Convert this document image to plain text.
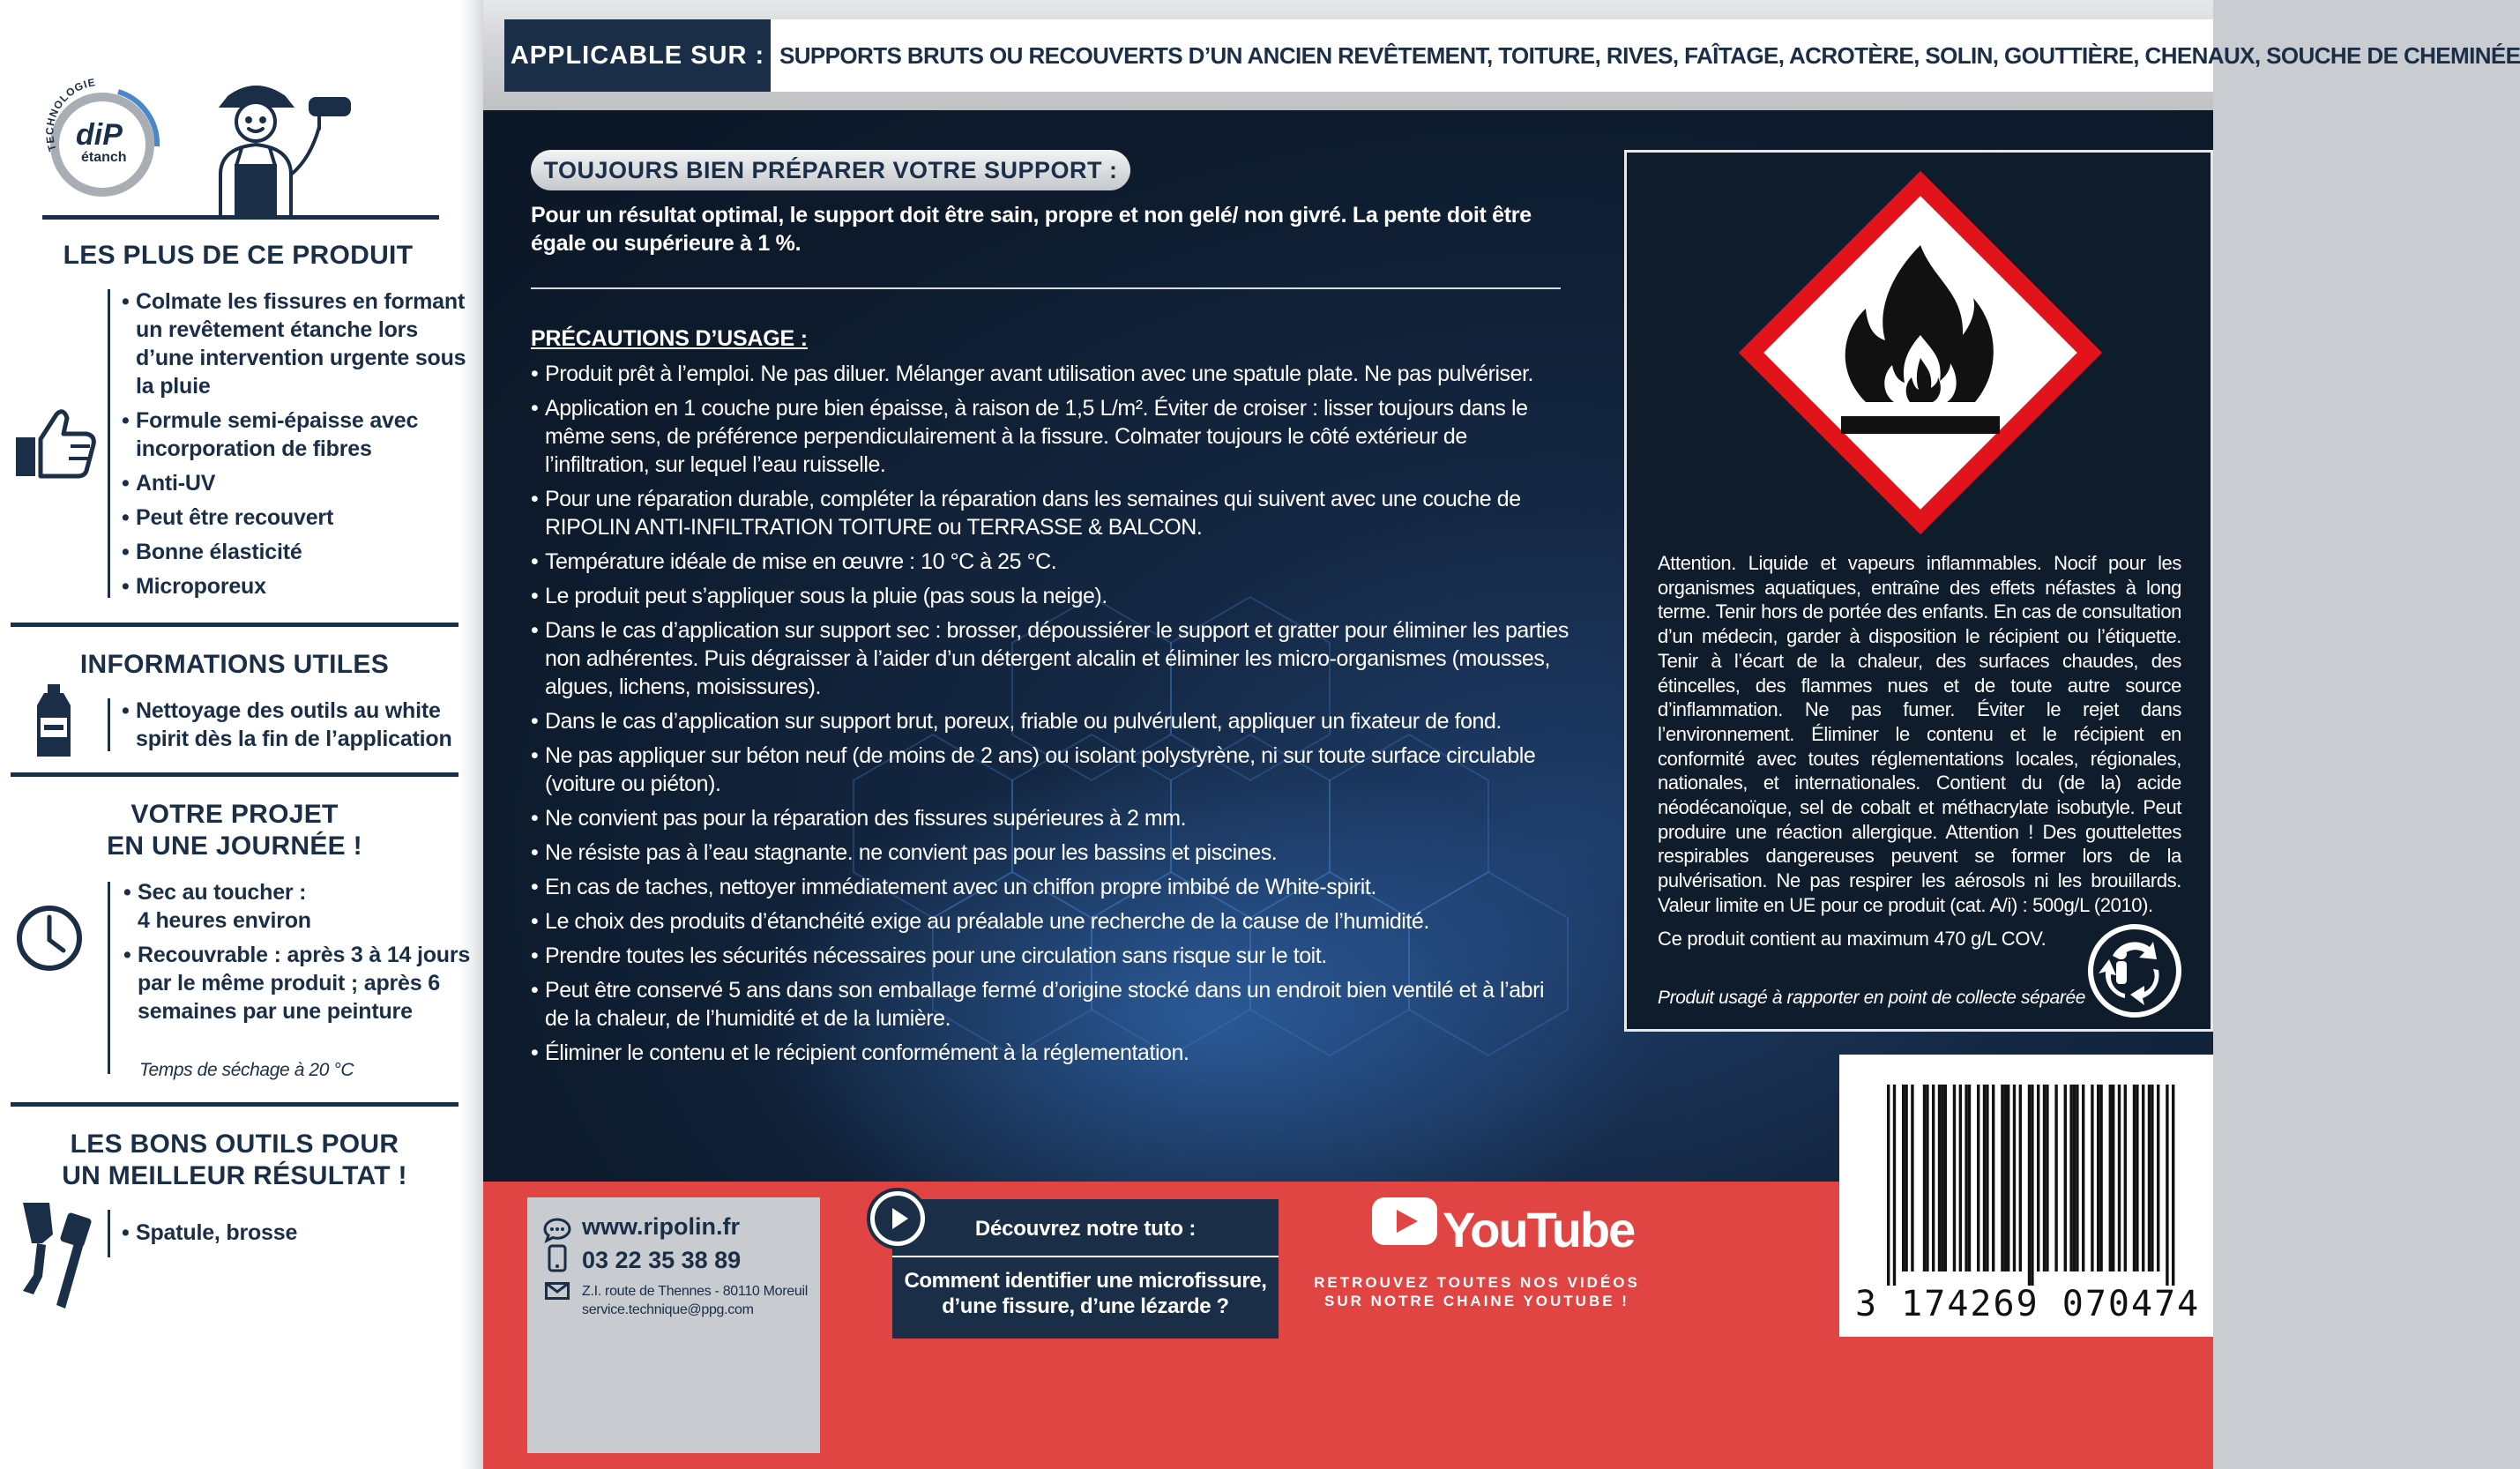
APPLICABLE SUR : SUPPORTS BRUTS OU RECOUVERTS D’UN ANCIEN REVÊTEMENT, TOITURE, RIVES, FAÎTAGE, ACROTÈRE, SOLIN, GOUTTIÈRE, CHENAUX, SOUCHE DE CHEMINÉE
TOUJOURS BIEN PRÉPARER VOTRE SUPPORT :
Pour un résultat optimal, le support doit être sain, propre et non gelé/ non givré. La pente doit être égale ou supérieure à 1 %.
PRÉCAUTIONS D’USAGE :
• Produit prêt à l’emploi. Ne pas diluer. Mélanger avant utilisation avec une spatule plate. Ne pas pulvériser.
• Application en 1 couche pure bien épaisse, à raison de 1,5 L/m². Éviter de croiser : lisser toujours dans le même sens, de préférence perpendiculairement à la fissure. Colmater toujours le côté extérieur de l’infiltration, sur lequel l’eau ruisselle.
• Pour une réparation durable, compléter la réparation dans les semaines qui suivent avec une couche de RIPOLIN ANTI-INFILTRATION TOITURE ou TERRASSE & BALCON.
• Température idéale de mise en œuvre : 10 °C à 25 °C.
• Le produit peut s’appliquer sous la pluie (pas sous la neige).
• Dans le cas d’application sur support sec : brosser, dépoussiérer le support et gratter pour éliminer les parties non adhérentes. Puis dégraisser à l’aider d’un détergent alcalin et éliminer les micro-organismes (mousses, algues, lichens, moisissures).
• Dans le cas d’application sur support brut, poreux, friable ou pulvérulent, appliquer un fixateur de fond.
• Ne pas appliquer sur béton neuf (de moins de 2 ans) ou isolant polystyrène, ni sur toute surface circulable (voiture ou piéton).
• Ne convient pas pour la réparation des fissures supérieures à 2 mm.
• Ne résiste pas à l’eau stagnante. ne convient pas pour les bassins et piscines.
• En cas de taches, nettoyer immédiatement avec un chiffon propre imbibé de White-spirit.
• Le choix des produits d’étanchéité exige au préalable une recherche de la cause de l’humidité.
• Prendre toutes les sécurités nécessaires pour une circulation sans risque sur le toit.
• Peut être conservé 5 ans dans son emballage fermé d’origine stocké dans un endroit bien ventilé et à l’abri de la chaleur, de l’humidité et de la lumière.
• Éliminer le contenu et le récipient conformément à la réglementation.
Attention. Liquide et vapeurs inflammables. Nocif pour les organismes aquatiques, entraîne des effets néfastes à long terme. Tenir hors de portée des enfants. En cas de consultation d’un médecin, garder à disposition le récipient ou l’étiquette. Tenir à l’écart de la chaleur, des surfaces chaudes, des étincelles, des flammes nues et de toute autre source d’inflammation. Ne pas fumer. Éviter le rejet dans l’environnement. Éliminer le contenu et le récipient en conformité avec toutes réglementations locales, régionales, nationales, et internationales. Contient du (de la) acide néodécanoïque, sel de cobalt et méthacrylate isobutyle. Peut produire une réaction allergique. Attention ! Des gouttelettes respirables dangereuses peuvent se former lors de la pulvérisation. Ne pas respirer les aérosols ni les brouillards. Valeur limite en UE pour ce produit (cat. A/i) : 500g/L (2010).
Ce produit contient au maximum 470 g/L COV.
Produit usagé à rapporter en point de collecte séparée
3 174269 070474
www.ripolin.fr
03 22 35 38 89
Z.I. route de Thennes - 80110 Moreuil
service.technique@ppg.com
Découvrez notre tuto :
Comment identifier une microfissure, d’une fissure, d’une lézarde ?
YouTube
RETROUVEZ TOUTES NOS VIDÉOS SUR NOTRE CHAINE YOUTUBE !
TECHNOLOGIE
diP
étanch
LES PLUS DE CE PRODUIT
• Colmate les fissures en formant un revêtement étanche lors d’une intervention urgente sous la pluie
• Formule semi-épaisse avec incorporation de fibres
• Anti-UV
• Peut être recouvert
• Bonne élasticité
• Microporeux
INFORMATIONS UTILES
• Nettoyage des outils au white spirit dès la fin de l’application
VOTRE PROJET
EN UNE JOURNÉE !
• Sec au toucher : 4 heures environ
• Recouvrable : après 3 à 14 jours par le même produit ; après 6 semaines par une peinture
Temps de séchage à 20 °C
LES BONS OUTILS POUR
UN MEILLEUR RÉSULTAT !
• Spatule, brosse
